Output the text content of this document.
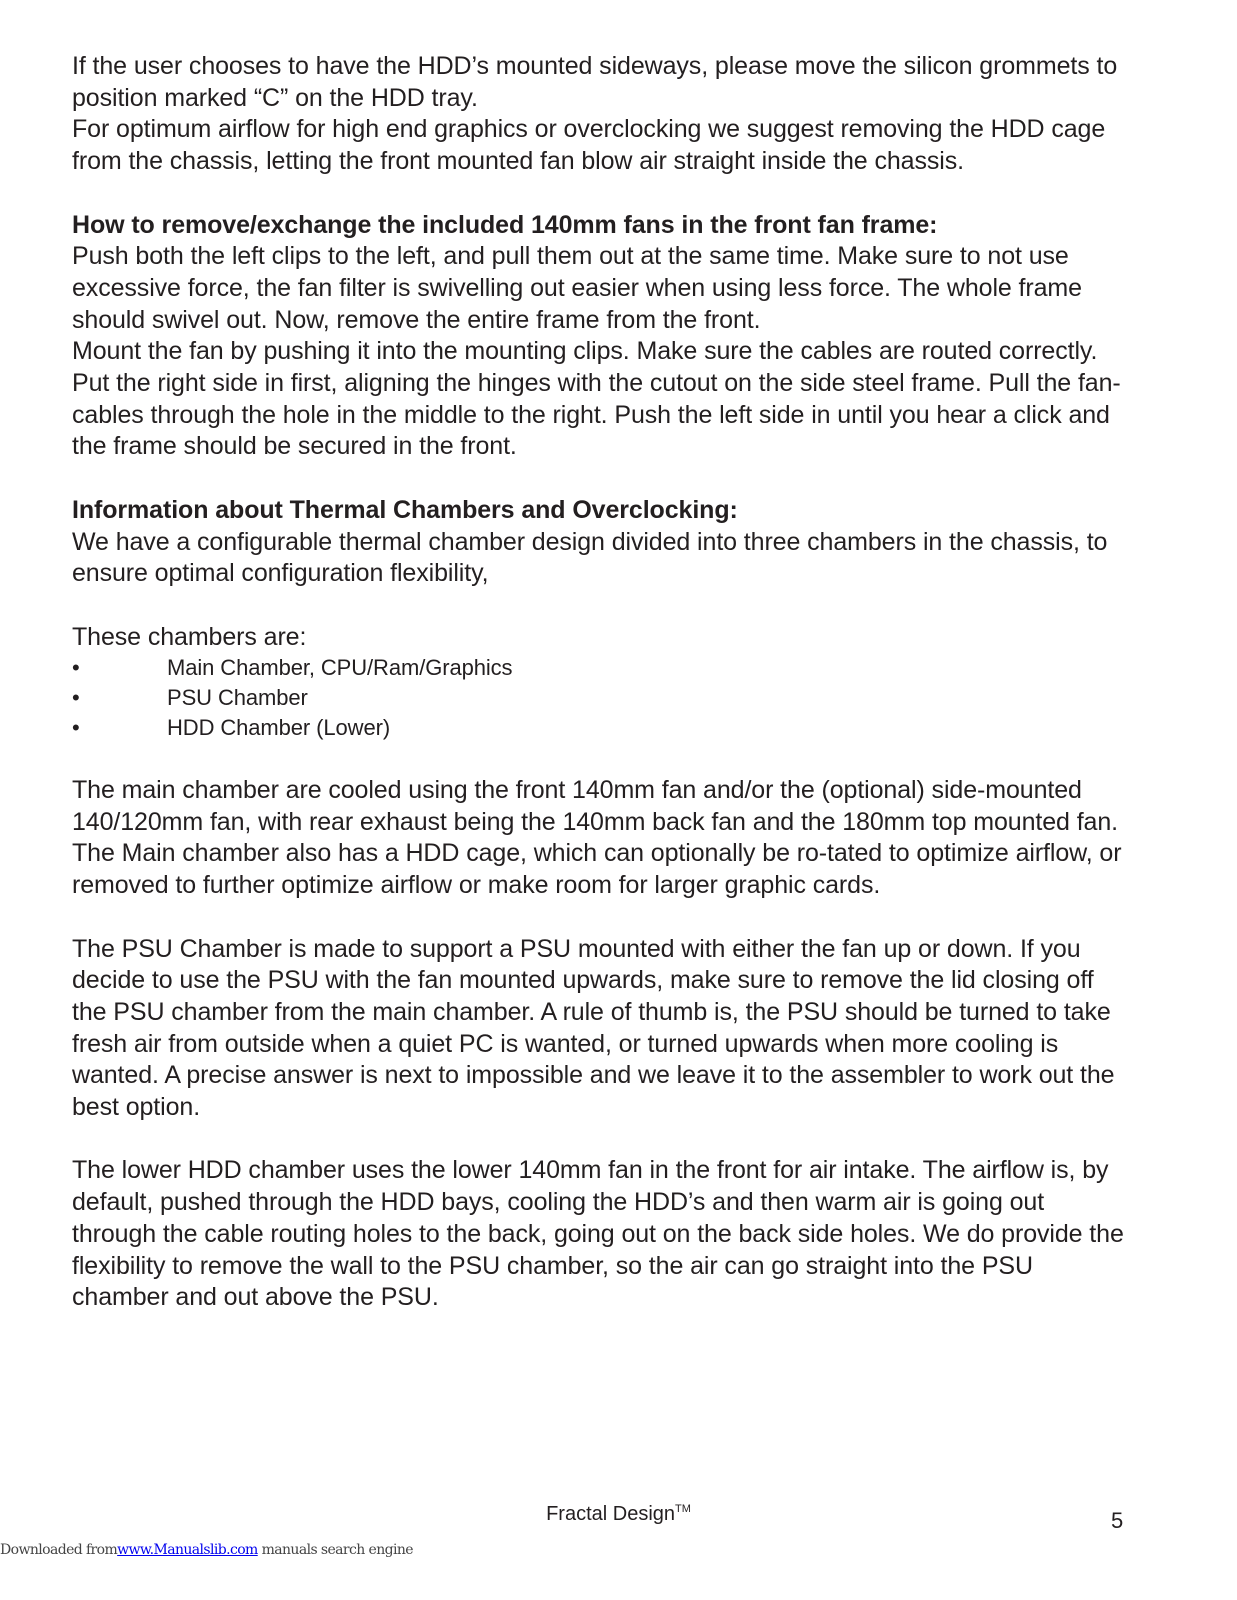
If the user chooses to have the HDD’s mounted sideways, please move the silicon grommets to position marked “C” on the HDD tray.

For optimum airflow for high end graphics or overclocking we suggest removing the HDD cage from the chassis, letting the front mounted fan blow air straight inside the chassis.

How to remove/exchange the included 140mm fans in the front fan frame:

Push both the left clips to the left, and pull them out at the same time. Make sure to not use excessive force, the fan filter is swivelling out easier when using less force. The whole frame should swivel out. Now, remove the entire frame from the front.

Mount the fan by pushing it into the mounting clips. Make sure the cables are routed correctly.

Put the right side in first, aligning the hinges with the cutout on the side steel frame. Pull the fan-cables through the hole in the middle to the right. Push the left side in until you hear a click and the frame should be secured in the front.

Information about Thermal Chambers and Overclocking:

We have a configurable thermal chamber design divided into three chambers in the chassis, to ensure optimal configuration flexibility,

These chambers are:

•	Main Chamber, CPU/Ram/Graphics
•	PSU Chamber
•	HDD Chamber (Lower)

The main chamber are cooled using the front 140mm fan and/or the (optional) side-mounted 140/120mm fan, with rear exhaust being the 140mm back fan and the 180mm top mounted fan. The Main chamber also has a HDD cage, which can optionally be ro-tated to optimize airflow, or removed to further optimize airflow or make room for larger graphic cards.

The PSU Chamber is made to support a PSU mounted with either the fan up or down. If you decide to use the PSU with the fan mounted upwards, make sure to remove the lid closing off the PSU chamber from the main chamber. A rule of thumb is, the PSU should be turned to take fresh air from outside when a quiet PC is wanted, or turned upwards when more cooling is wanted. A precise answer is next to impossible and we leave it to the assembler to work out the best option.

The lower HDD chamber uses the lower 140mm fan in the front for air intake. The airflow is, by default, pushed through the HDD bays, cooling the HDD’s and then warm air is going out through the cable routing holes to the back, going out on the back side holes. We do provide the flexibility to remove the wall to the PSU chamber, so the air can go straight into the PSU chamber and out above the PSU.

Fractal Design™	5
Downloaded fromwww.Manualslib.com manuals search engine
